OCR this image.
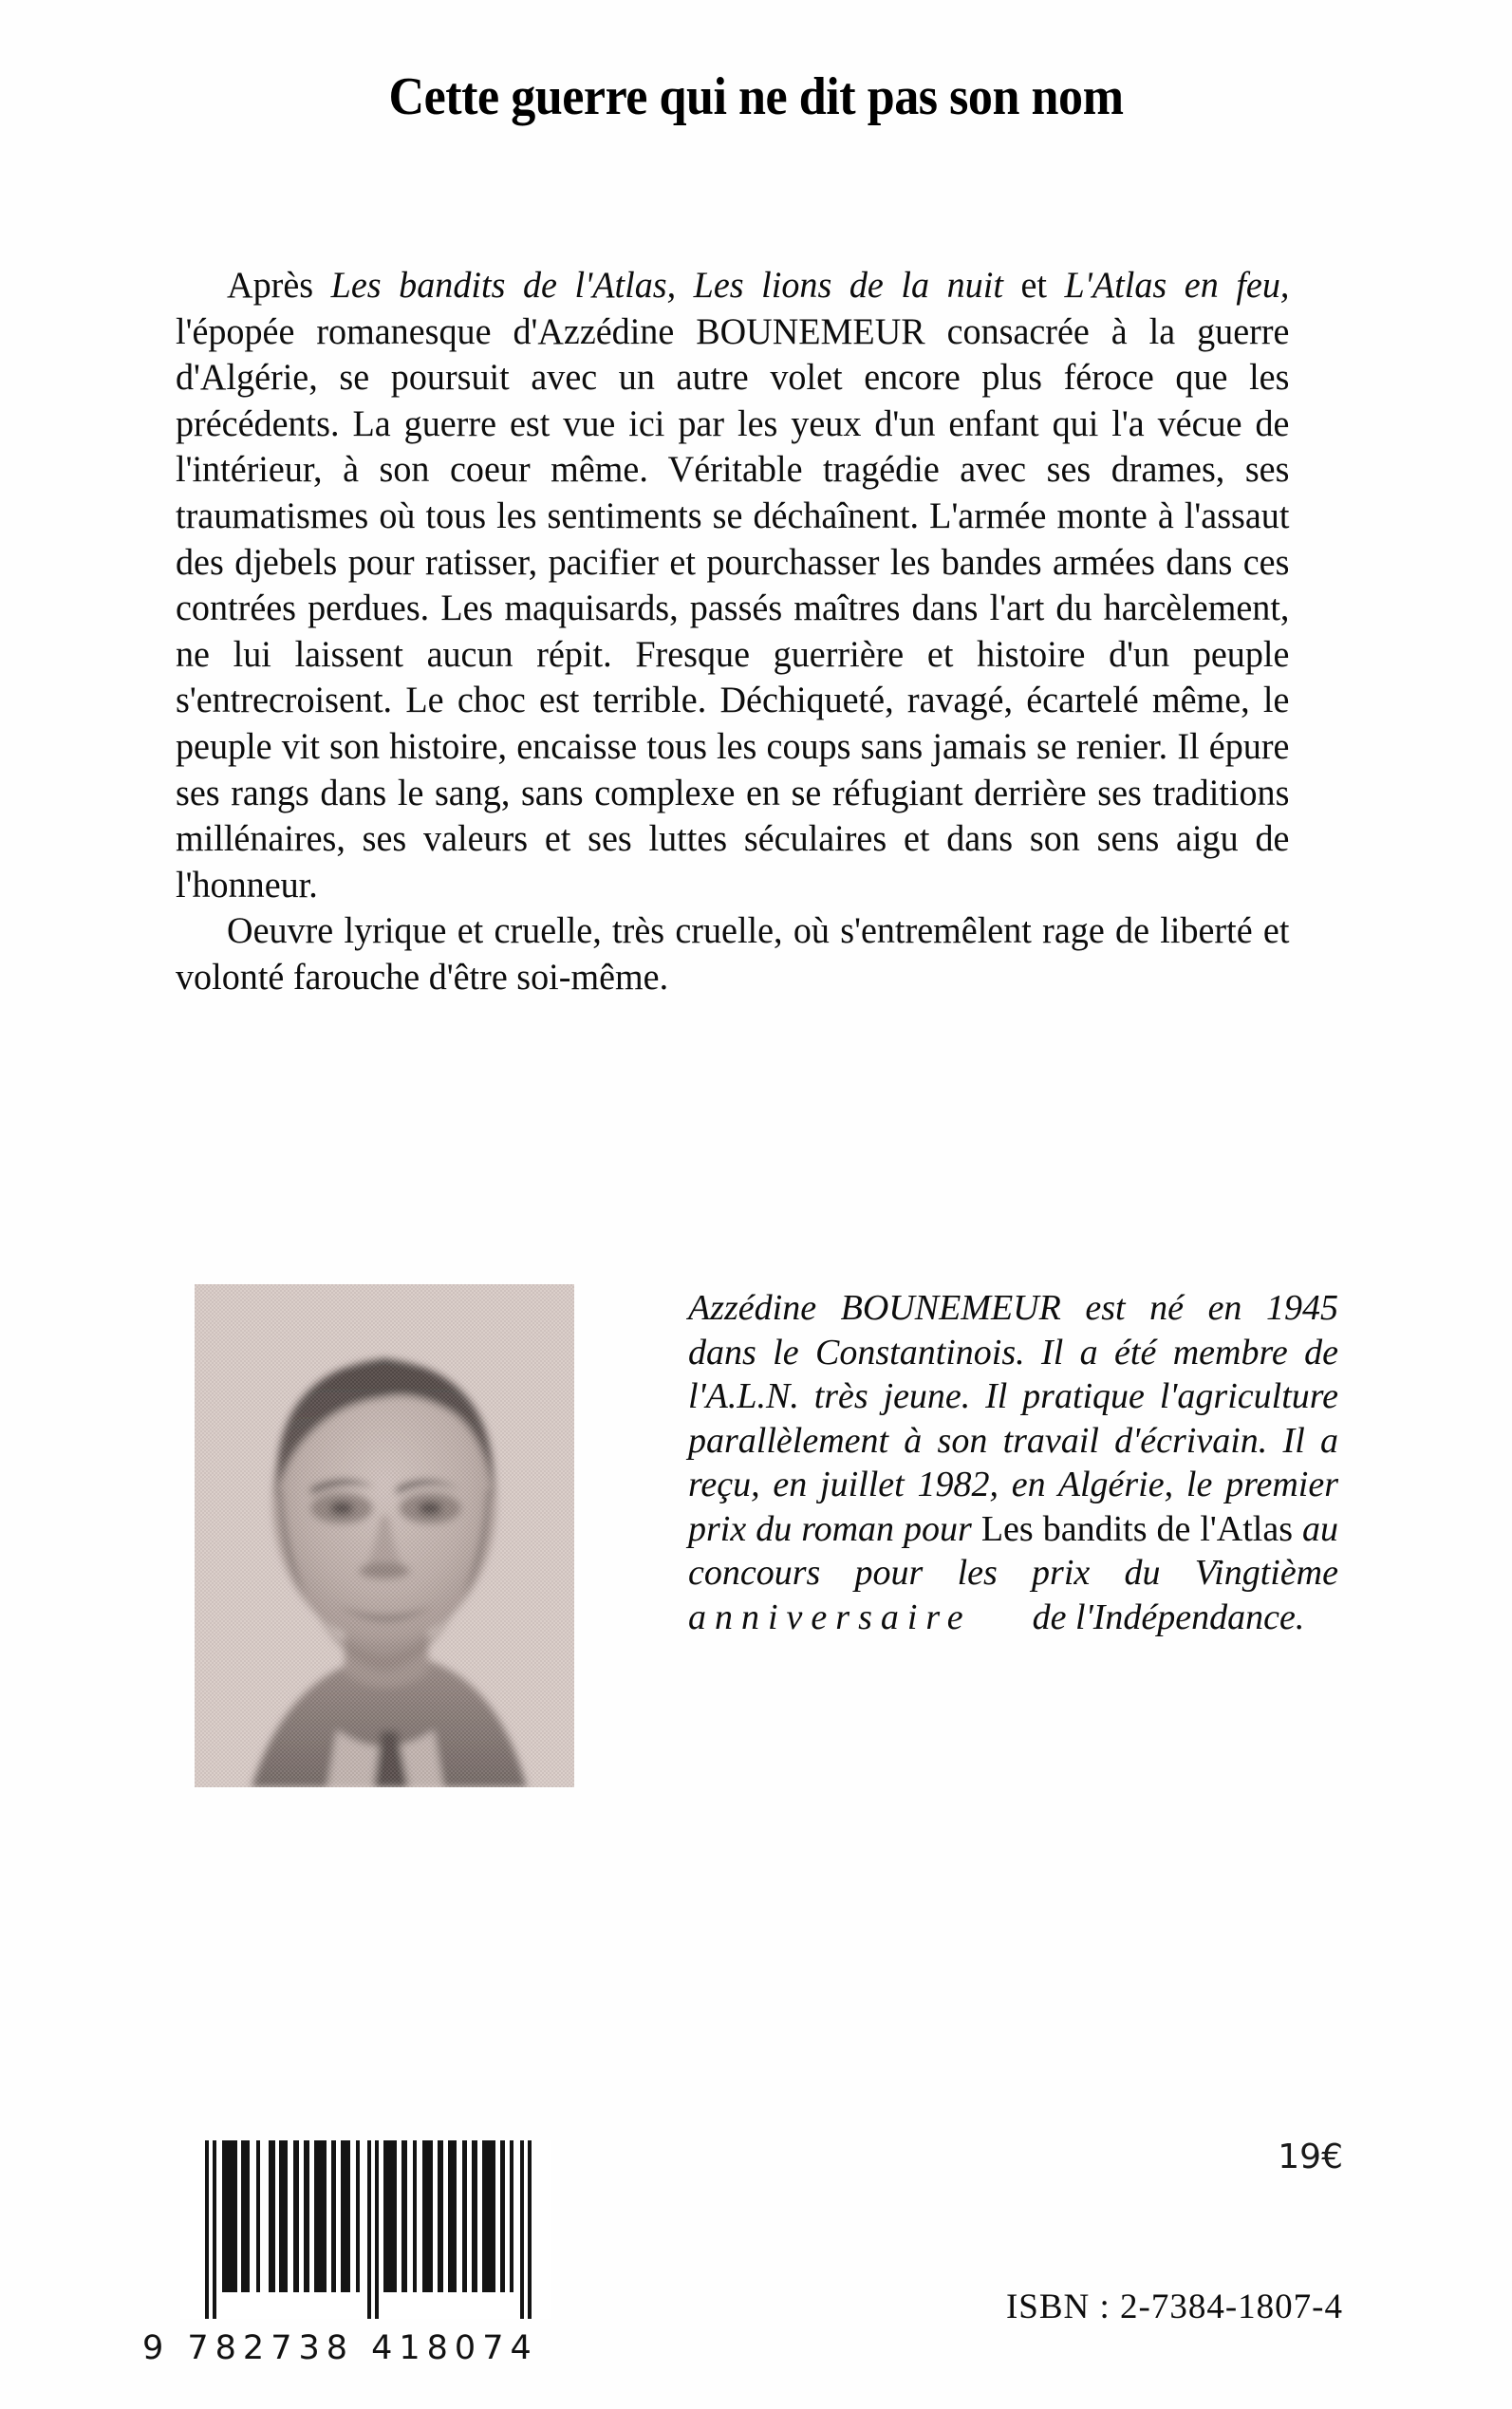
Cette guerre qui ne dit pas son nom

Après Les bandits de l'Atlas, Les lions de la nuit et L'Atlas en feu, l'épopée romanesque d'Azzédine BOUNEMEUR consacrée à la guerre d'Algérie, se poursuit avec un autre volet encore plus féroce que les précédents. La guerre est vue ici par les yeux d'un enfant qui l'a vécue de l'intérieur, à son coeur même. Véritable tragédie avec ses drames, ses traumatismes où tous les sentiments se déchaînent. L'armée monte à l'assaut des djebels pour ratisser, pacifier et pourchasser les bandes armées dans ces contrées perdues. Les maquisards, passés maîtres dans l'art du harcèlement, ne lui laissent aucun répit. Fresque guerrière et histoire d'un peuple s'entrecroisent. Le choc est terrible. Déchiqueté, ravagé, écartelé même, le peuple vit son histoire, encaisse tous les coups sans jamais se renier. Il épure ses rangs dans le sang, sans complexe en se réfugiant derrière ses traditions millénaires, ses valeurs et ses luttes séculaires et dans son sens aigu de l'honneur.

Oeuvre lyrique et cruelle, très cruelle, où s'entremêlent rage de liberté et volonté farouche d'être soi-même.

Azzédine BOUNEMEUR est né en 1945 dans le Constantinois. Il a été membre de l'A.L.N. très jeune. Il pratique l'agriculture parallèlement à son travail d'écrivain. Il a reçu, en juillet 1982, en Algérie, le premier prix du roman pour Les bandits de l'Atlas au concours pour les prix du Vingtième anniversaire de l'Indépendance.
9 782738 418074
19€
ISBN : 2-7384-1807-4
